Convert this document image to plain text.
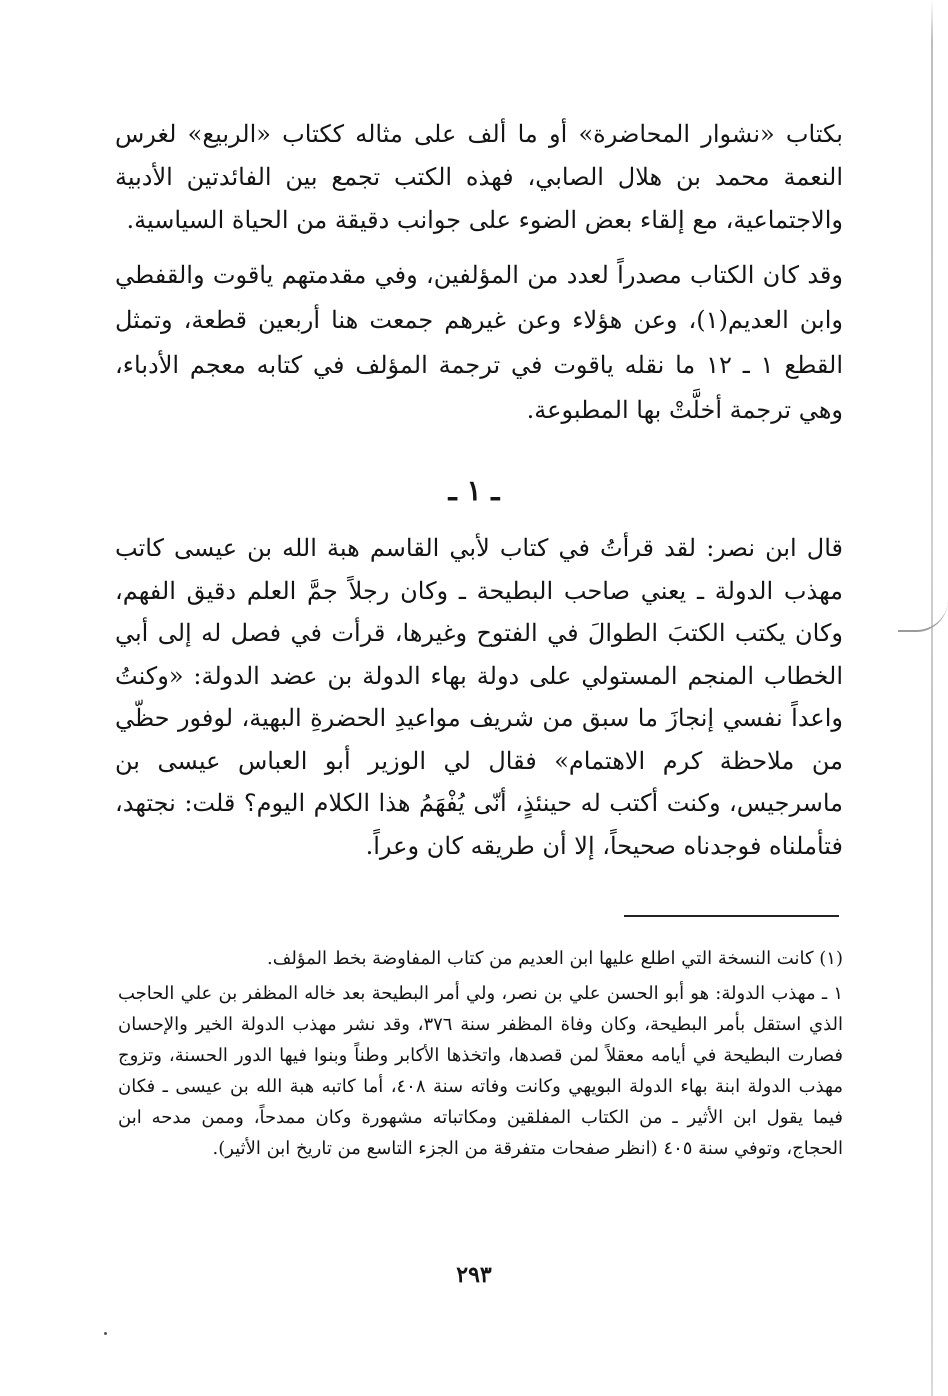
بكتاب «نشوار المحاضرة» أو ما ألف على مثاله ككتاب «الربيع» لغرس النعمة محمد بن هلال الصابي، فهذه الكتب تجمع بين الفائدتين الأدبية والاجتماعية، مع إلقاء بعض الضوء على جوانب دقيقة من الحياة السياسية.

وقد كان الكتاب مصدراً لعدد من المؤلفين، وفي مقدمتهم ياقوت والقفطي وابن العديم(١)، وعن هؤلاء وعن غيرهم جمعت هنا أربعين قطعة، وتمثل القطع ١ ـ ١٢ ما نقله ياقوت في ترجمة المؤلف في كتابه معجم الأدباء، وهي ترجمة أخلَّتْ بها المطبوعة.

ـ ١ ـ

قال ابن نصر: لقد قرأتُ في كتاب لأبي القاسم هبة الله بن عيسى كاتب مهذب الدولة ـ يعني صاحب البطيحة ـ وكان رجلاً جمَّ العلم دقيق الفهم، وكان يكتب الكتبَ الطوالَ في الفتوح وغيرها، قرأت في فصل له إلى أبي الخطاب المنجم المستولي على دولة بهاء الدولة بن عضد الدولة: «وكنتُ واعداً نفسي إنجازَ ما سبق من شريف مواعيدِ الحضرةِ البهية، لوفور حظّي من ملاحظة كرم الاهتمام» فقال لي الوزير أبو العباس عيسى بن ماسرجيس، وكنت أكتب له حينئذٍ، أنّى يُفْهَمُ هذا الكلام اليوم؟ قلت: نجتهد، فتأملناه فوجدناه صحيحاً، إلا أن طريقه كان وعراً.

(١) كانت النسخة التي اطلع عليها ابن العديم من كتاب المفاوضة بخط المؤلف.

١ ـ مهذب الدولة: هو أبو الحسن علي بن نصر، ولي أمر البطيحة بعد خاله المظفر بن علي الحاجب الذي استقل بأمر البطيحة، وكان وفاة المظفر سنة ٣٧٦، وقد نشر مهذب الدولة الخير والإحسان فصارت البطيحة في أيامه معقلاً لمن قصدها، واتخذها الأكابر وطناً وبنوا فيها الدور الحسنة، وتزوج مهذب الدولة ابنة بهاء الدولة البويهي وكانت وفاته سنة ٤٠٨، أما كاتبه هبة الله بن عيسى ـ فكان فيما يقول ابن الأثير ـ من الكتاب المفلقين ومكاتباته مشهورة وكان ممدحاً، وممن مدحه ابن الحجاج، وتوفي سنة ٤٠٥ (انظر صفحات متفرقة من الجزء التاسع من تاريخ ابن الأثير).

٢٩٣
